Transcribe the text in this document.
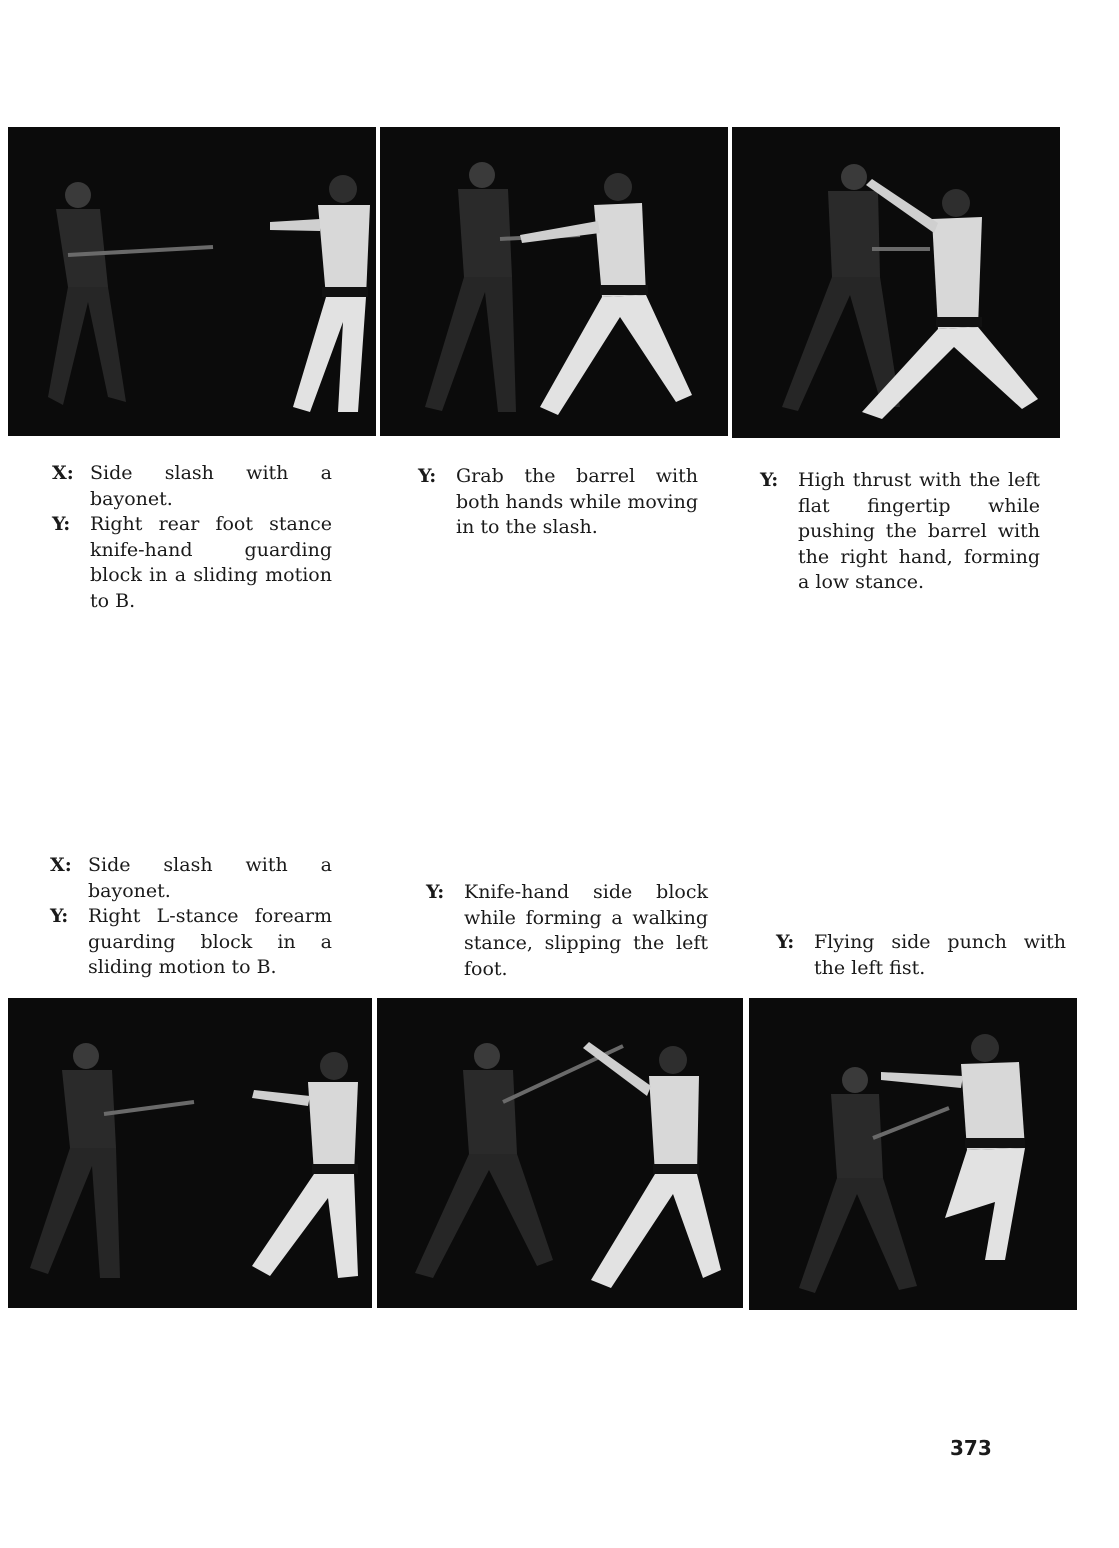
X: Side slash with a bayonet.
Y:	Right rear foot stance knife-hand guarding block in a sliding motion to B.
Y:	Grab the barrel with both hands while moving in to the slash.
Y:	High thrust with the left flat fingertip while pushing the barrel with the right hand, forming a low stance.
X: Side slash with a bayonet.
Y:	Right L-stance forearm guarding block in a sliding motion to B.
Y:	Knife-hand side block while forming a walking stance, slipping the left foot.
Y:	Flying side punch with the left fist.
373
